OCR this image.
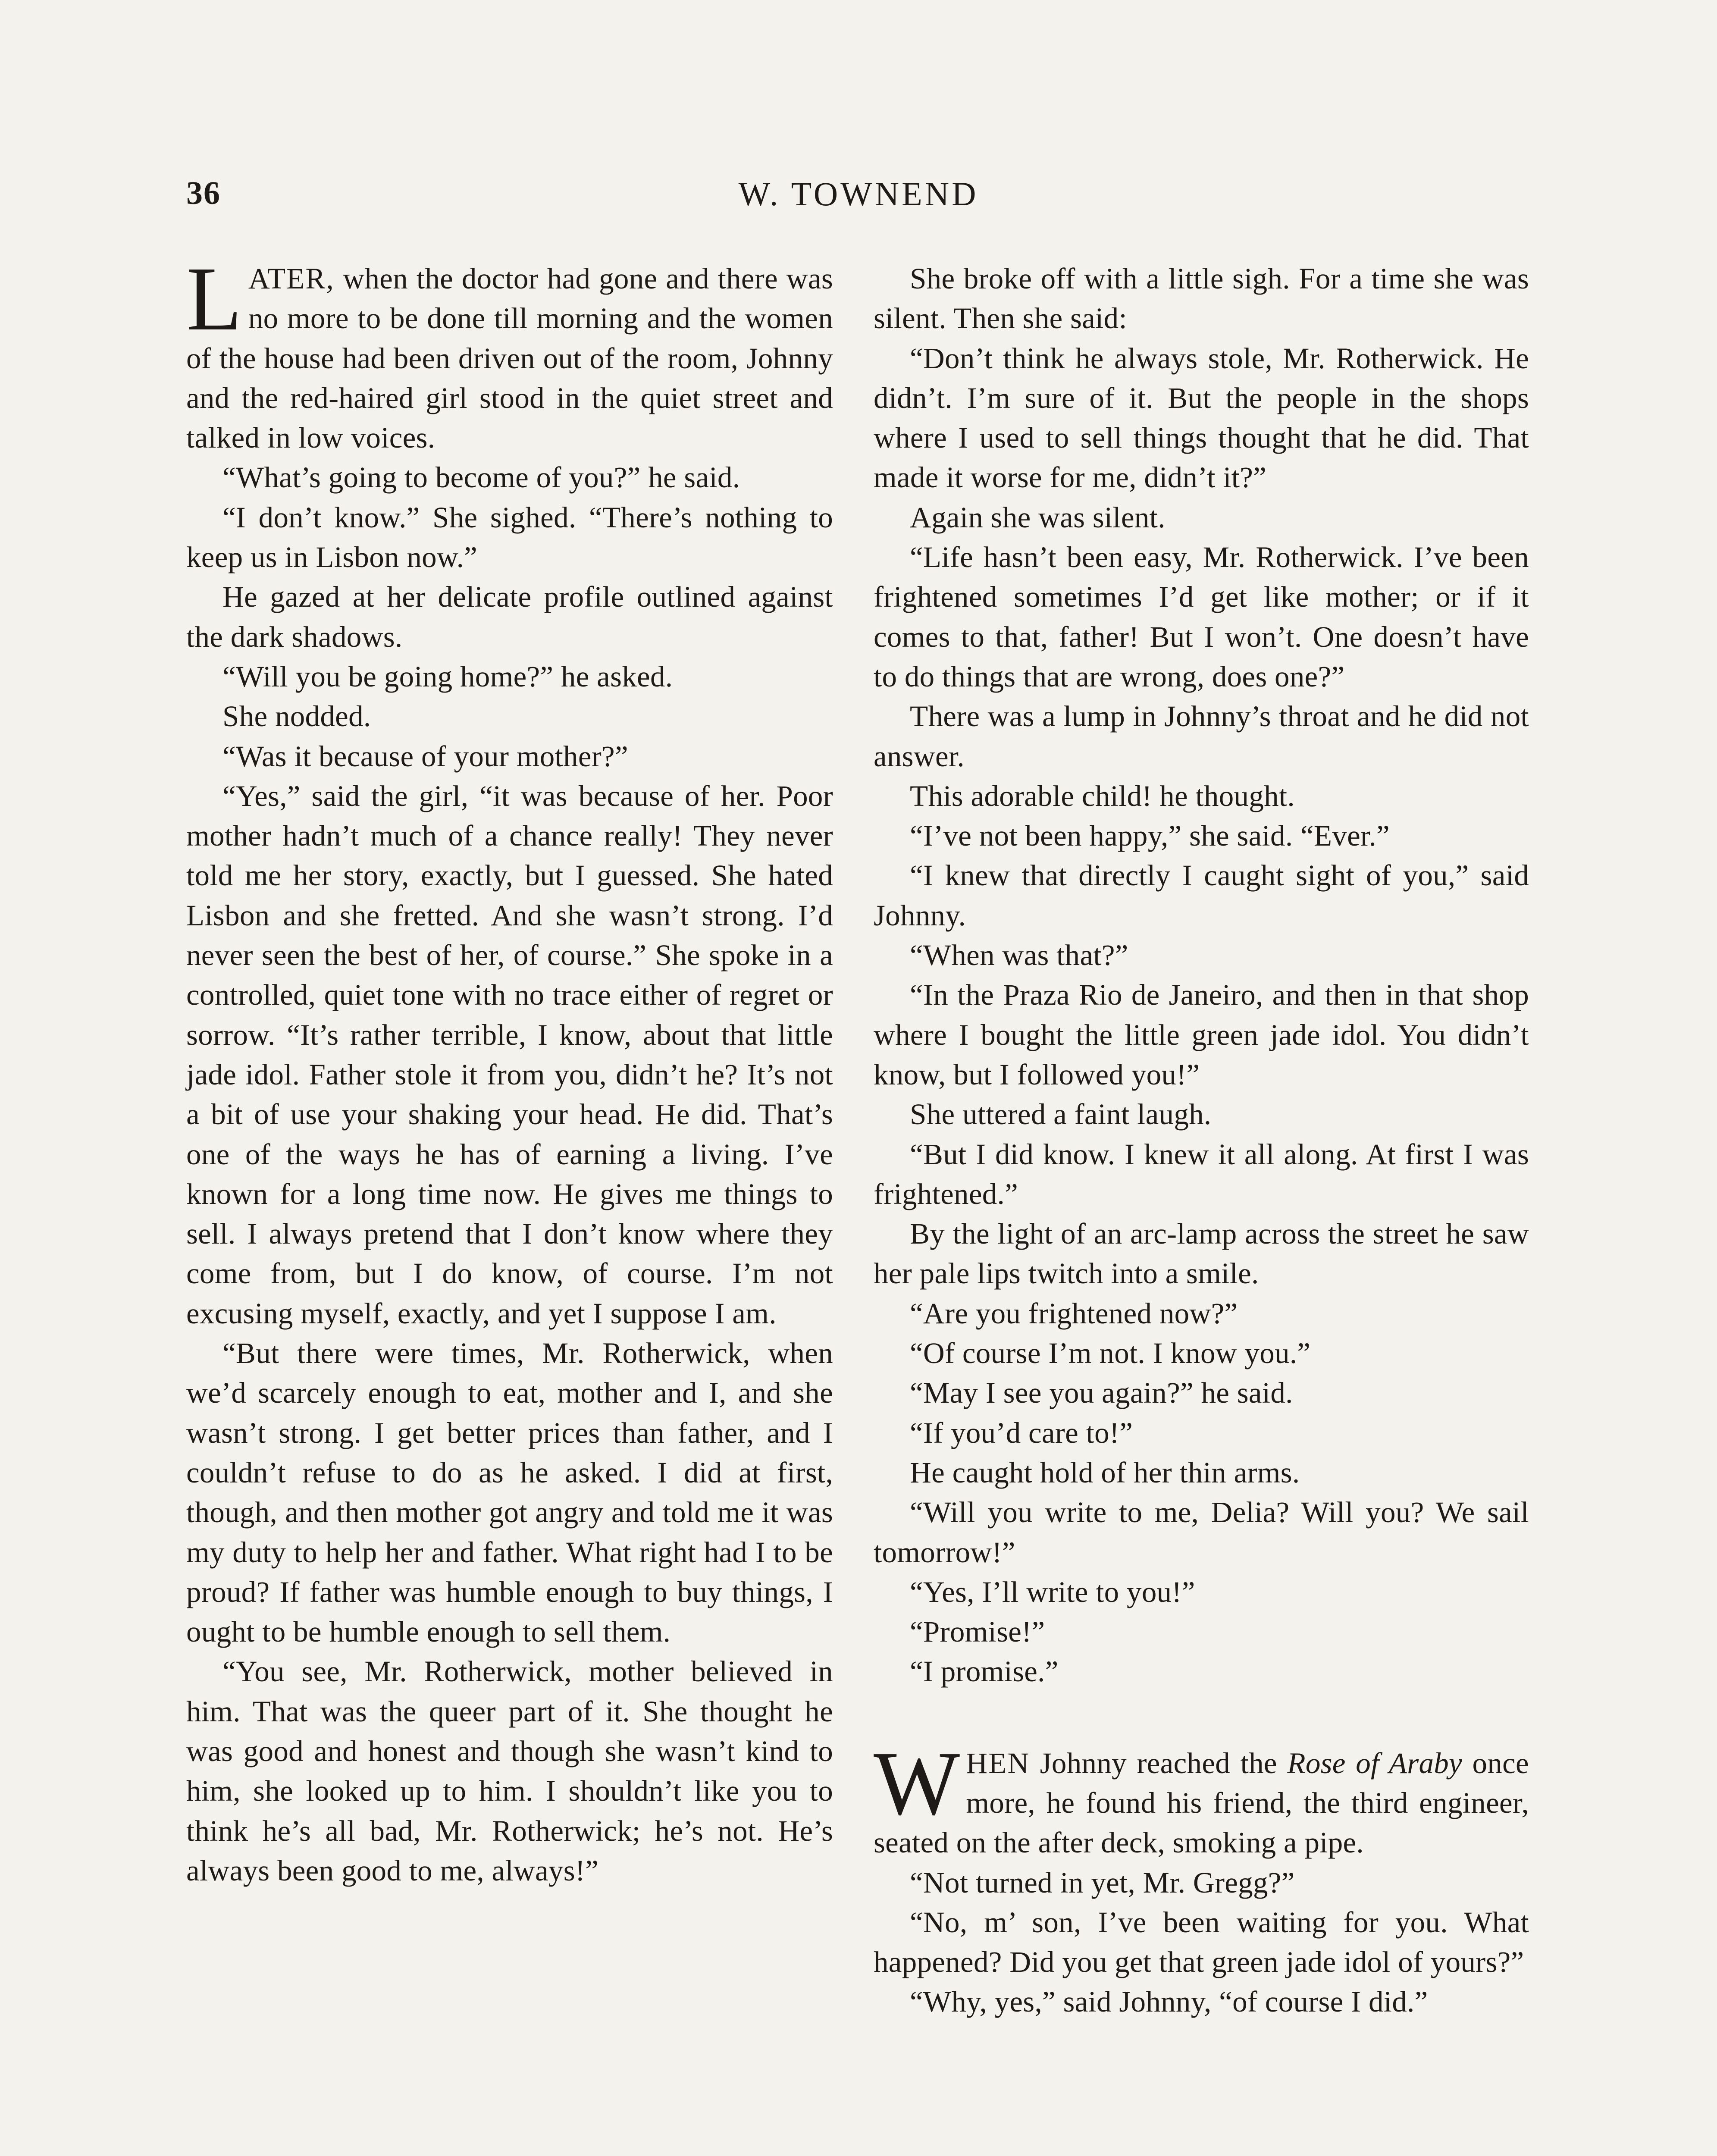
36	W. TOWNEND

LATER, when the doctor had gone and there was no more to be done till morning and the women of the house had been driven out of the room, Johnny and the red-haired girl stood in the quiet street and talked in low voices.

“What’s going to become of you?” he said.

“I don’t know.” She sighed. “There’s nothing to keep us in Lisbon now.”

He gazed at her delicate profile outlined against the dark shadows.

“Will you be going home?” he asked.

She nodded.

“Was it because of your mother?”

“Yes,” said the girl, “it was because of her. Poor mother hadn’t much of a chance really! They never told me her story, exactly, but I guessed. She hated Lisbon and she fretted. And she wasn’t strong. I’d never seen the best of her, of course.” She spoke in a controlled, quiet tone with no trace either of regret or sorrow. “It’s rather terrible, I know, about that little jade idol. Father stole it from you, didn’t he? It’s not a bit of use your shaking your head. He did. That’s one of the ways he has of earning a living. I’ve known for a long time now. He gives me things to sell. I always pretend that I don’t know where they come from, but I do know, of course. I’m not excusing myself, exactly, and yet I suppose I am.

“But there were times, Mr. Rotherwick, when we’d scarcely enough to eat, mother and I, and she wasn’t strong. I get better prices than father, and I couldn’t refuse to do as he asked. I did at first, though, and then mother got angry and told me it was my duty to help her and father. What right had I to be proud? If father was humble enough to buy things, I ought to be humble enough to sell them.

“You see, Mr. Rotherwick, mother believed in him. That was the queer part of it. She thought he was good and honest and though she wasn’t kind to him, she looked up to him. I shouldn’t like you to think he’s all bad, Mr. Rotherwick; he’s not. He’s always been good to me, always!”

She broke off with a little sigh. For a time she was silent. Then she said:

“Don’t think he always stole, Mr. Rotherwick. He didn’t. I’m sure of it. But the people in the shops where I used to sell things thought that he did. That made it worse for me, didn’t it?”

Again she was silent.

“Life hasn’t been easy, Mr. Rotherwick. I’ve been frightened sometimes I’d get like mother; or if it comes to that, father! But I won’t. One doesn’t have to do things that are wrong, does one?”

There was a lump in Johnny’s throat and he did not answer.

This adorable child! he thought.

“I’ve not been happy,” she said. “Ever.”

“I knew that directly I caught sight of you,” said Johnny.

“When was that?”

“In the Praza Rio de Janeiro, and then in that shop where I bought the little green jade idol. You didn’t know, but I followed you!”

She uttered a faint laugh.

“But I did know. I knew it all along. At first I was frightened.”

By the light of an arc-lamp across the street he saw her pale lips twitch into a smile.

“Are you frightened now?”

“Of course I’m not. I know you.”

“May I see you again?” he said.

“If you’d care to!”

He caught hold of her thin arms.

“Will you write to me, Delia? Will you? We sail tomorrow!”

“Yes, I’ll write to you!”

“Promise!”

“I promise.”

WHEN Johnny reached the Rose of Araby once more, he found his friend, the third engineer, seated on the after deck, smoking a pipe.

“Not turned in yet, Mr. Gregg?”

“No, m’ son, I’ve been waiting for you. What happened? Did you get that green jade idol of yours?”

“Why, yes,” said Johnny, “of course I did.”
